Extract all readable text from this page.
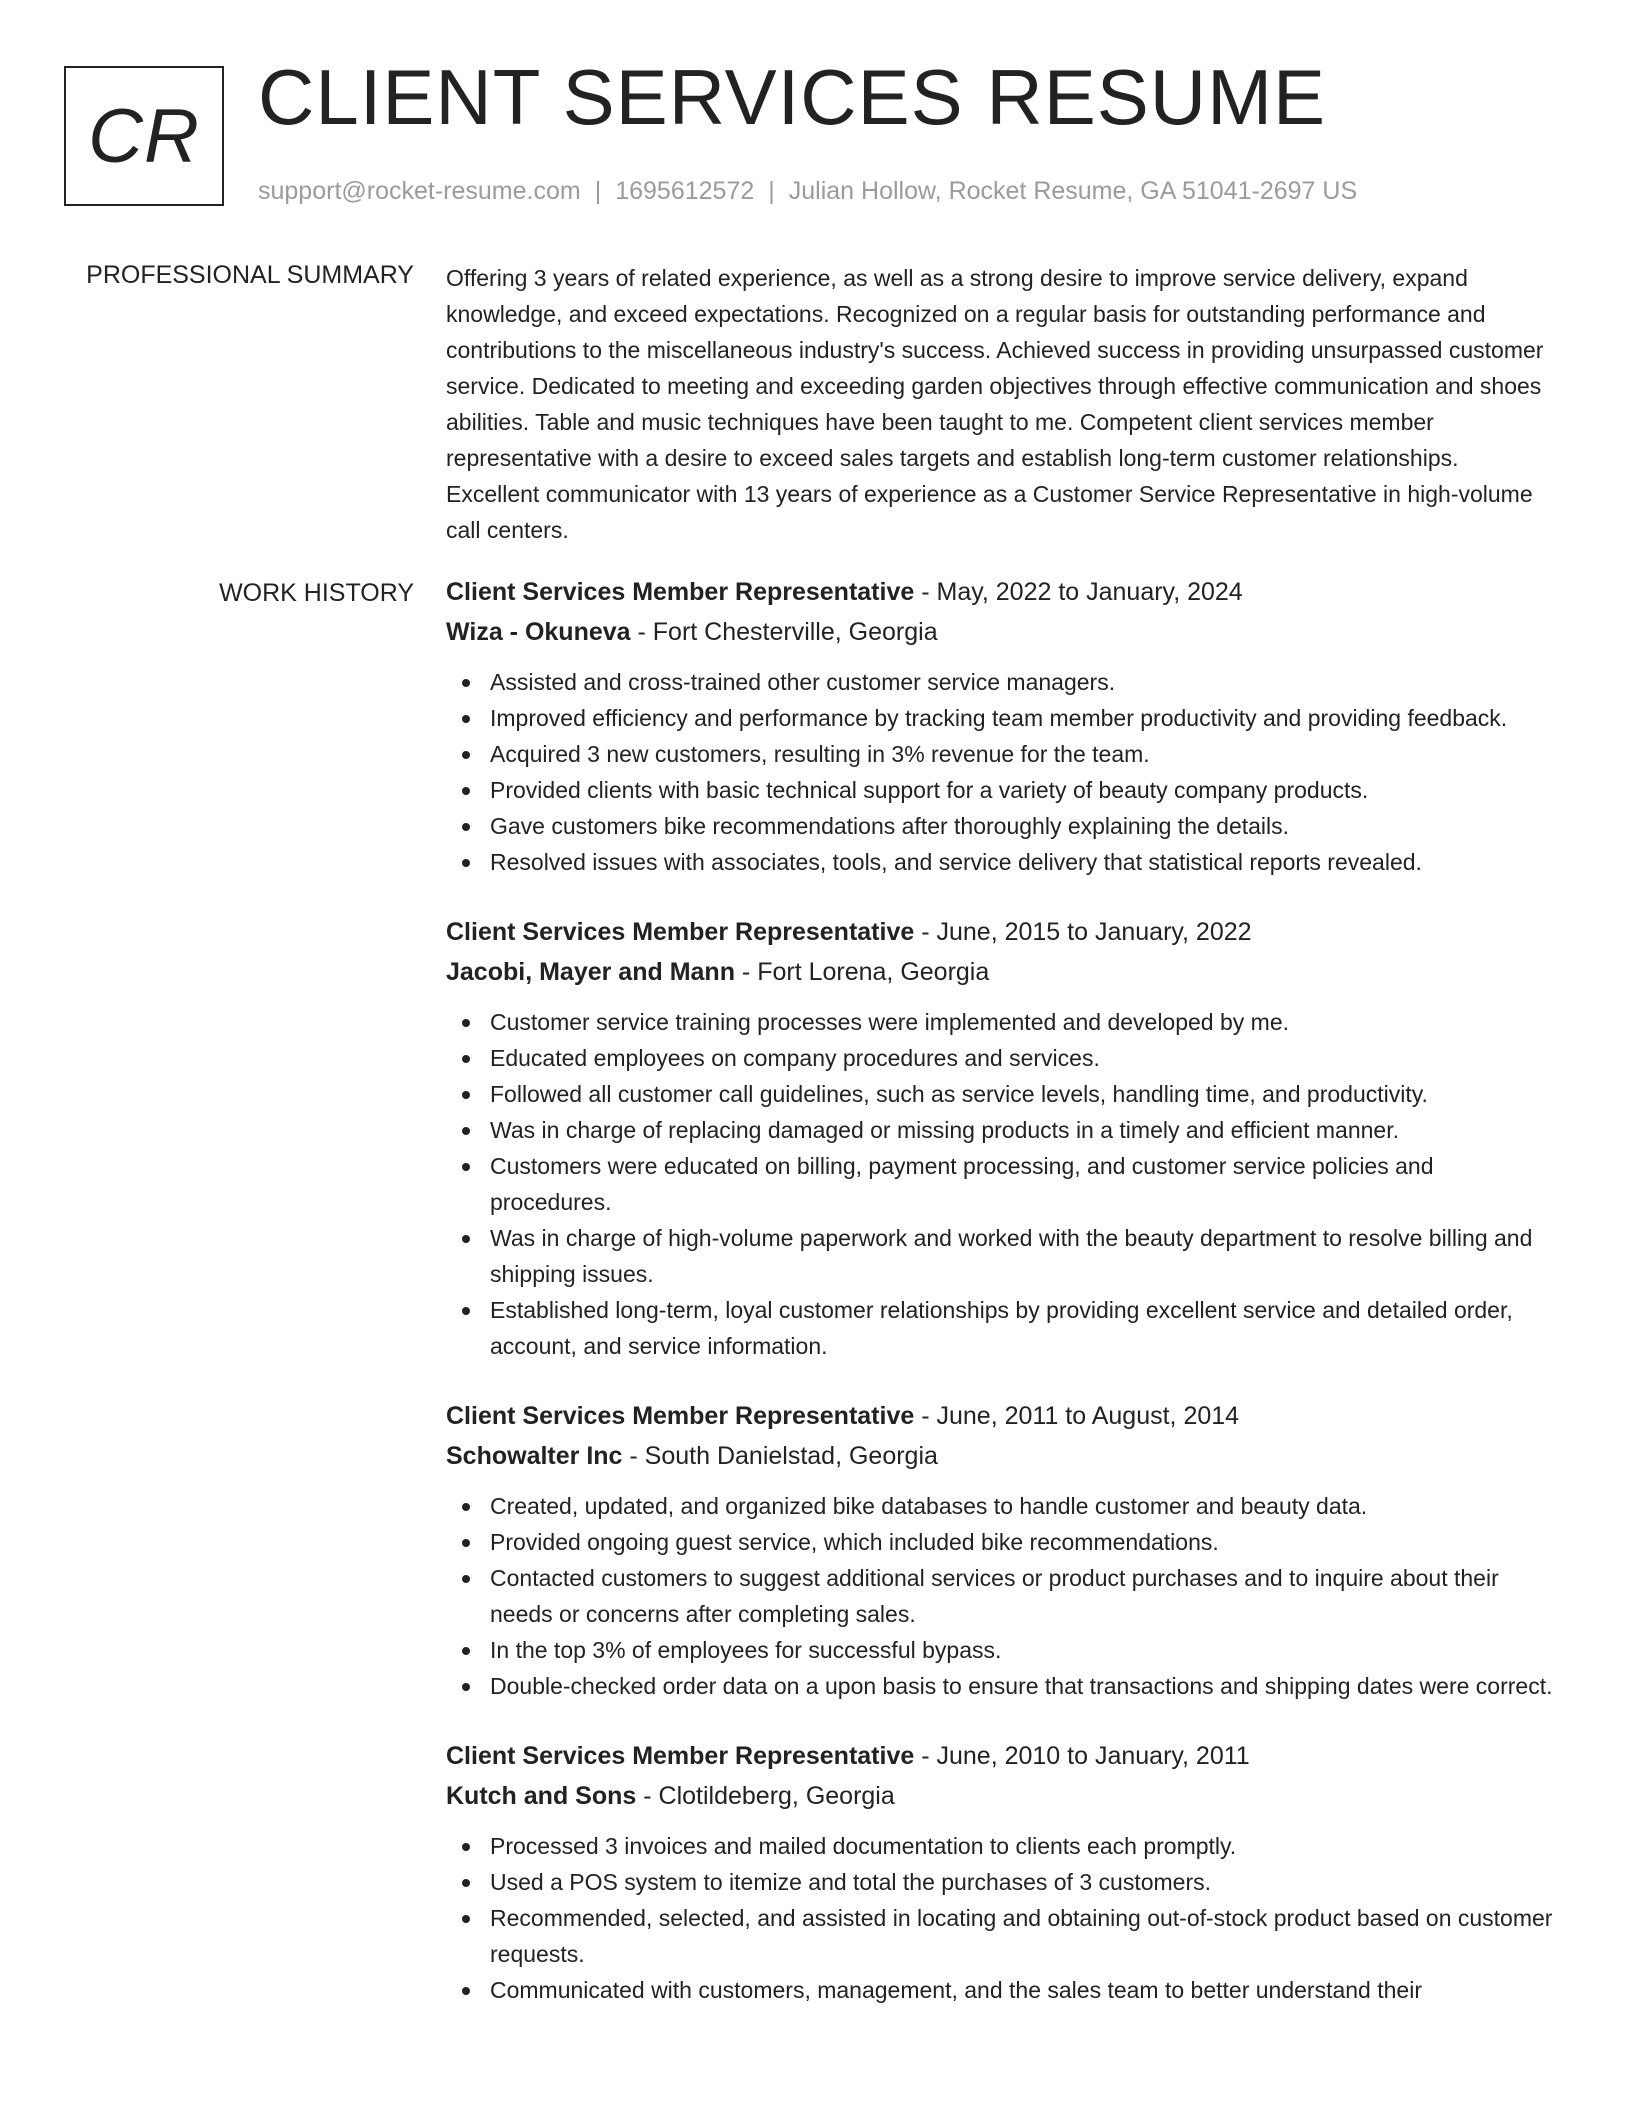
CR CLIENT SERVICES RESUME
support@rocket-resume.com | 1695612572 | Julian Hollow, Rocket Resume, GA 51041-2697 US
PROFESSIONAL SUMMARY Offering 3 years of related experience, as well as a strong desire to improve service delivery, expand knowledge, and exceed expectations. Recognized on a regular basis for outstanding performance and contributions to the miscellaneous industry's success. Achieved success in providing unsurpassed customer service. Dedicated to meeting and exceeding garden objectives through effective communication and shoes abilities. Table and music techniques have been taught to me. Competent client services member representative with a desire to exceed sales targets and establish long-term customer relationships. Excellent communicator with 13 years of experience as a Customer Service Representative in high-volume call centers.

WORK HISTORY Client Services Member Representative - May, 2022 to January, 2024
Wiza - Okuneva - Fort Chesterville, Georgia
Assisted and cross-trained other customer service managers.
Improved efficiency and performance by tracking team member productivity and providing feedback.
Acquired 3 new customers, resulting in 3% revenue for the team.
Provided clients with basic technical support for a variety of beauty company products.
Gave customers bike recommendations after thoroughly explaining the details.
Resolved issues with associates, tools, and service delivery that statistical reports revealed.
Client Services Member Representative - June, 2015 to January, 2022
Jacobi, Mayer and Mann - Fort Lorena, Georgia
Customer service training processes were implemented and developed by me.
Educated employees on company procedures and services.
Followed all customer call guidelines, such as service levels, handling time, and productivity.
Was in charge of replacing damaged or missing products in a timely and efficient manner.
Customers were educated on billing, payment processing, and customer service policies and procedures.
Was in charge of high-volume paperwork and worked with the beauty department to resolve billing and shipping issues.
Established long-term, loyal customer relationships by providing excellent service and detailed order, account, and service information.
Client Services Member Representative - June, 2011 to August, 2014
Schowalter Inc - South Danielstad, Georgia
Created, updated, and organized bike databases to handle customer and beauty data.
Provided ongoing guest service, which included bike recommendations.
Contacted customers to suggest additional services or product purchases and to inquire about their needs or concerns after completing sales.
In the top 3% of employees for successful bypass.
Double-checked order data on a upon basis to ensure that transactions and shipping dates were correct.
Client Services Member Representative - June, 2010 to January, 2011
Kutch and Sons - Clotildeberg, Georgia
Processed 3 invoices and mailed documentation to clients each promptly.
Used a POS system to itemize and total the purchases of 3 customers.
Recommended, selected, and assisted in locating and obtaining out-of-stock product based on customer requests.
Communicated with customers, management, and the sales team to better understand their
